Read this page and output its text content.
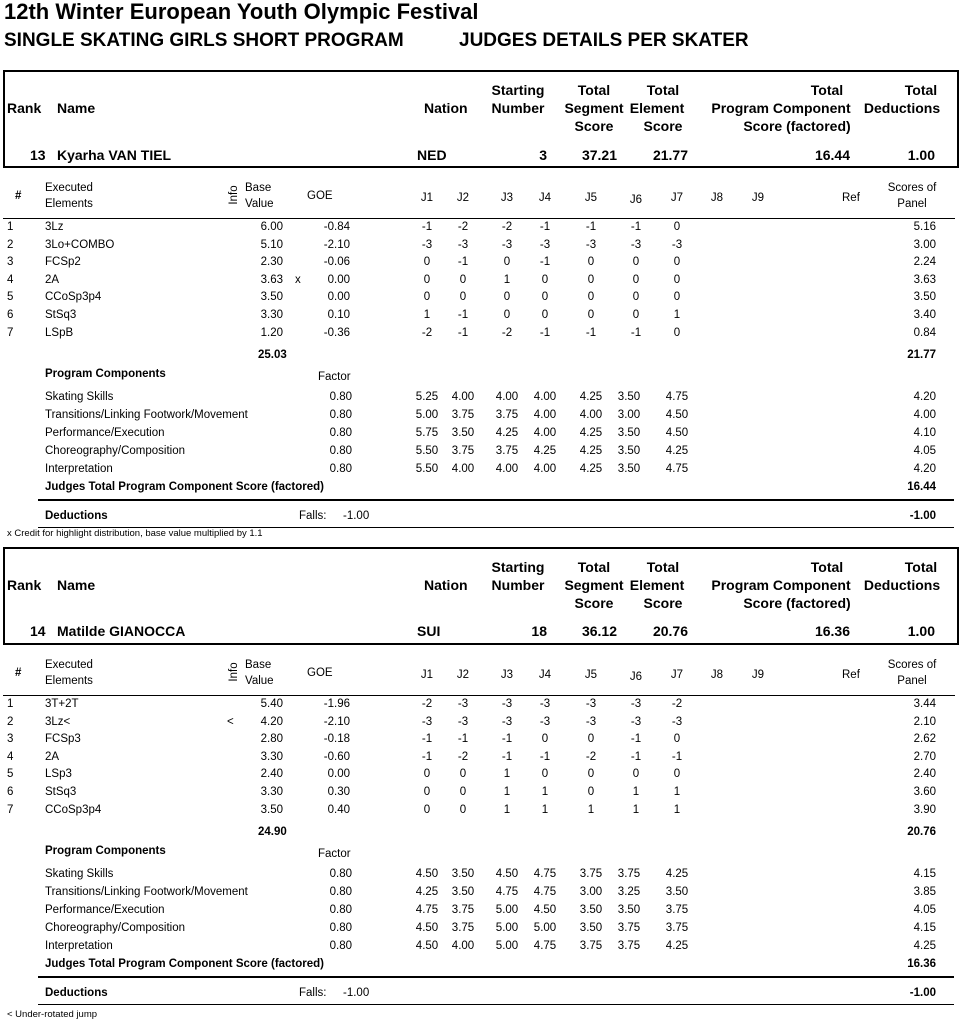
12th Winter European Youth Olympic Festival
SINGLE SKATING GIRLS SHORT PROGRAM	JUDGES DETAILS PER SKATER
Rank Name	Nation
Starting
Number
Total
Segment
Score
Total
Element
Score
Total
Program Component
Score (factored)
Total
Deductions
13 Kyarha VAN TIEL	NED	3	37.21	21.77	16.44	1.00
#
Executed
Elements	Info Base
Value
GOE	J1	J2	J3	J4	J5	J6	J7	J8	J9	Ref
Scores of
Panel
1	3Lz	6.00	-0.84	-1	-2	-2	-1	-1	-1	0	5.16
2	3Lo+COMBO	5.10	-2.10	-3	-3	-3	-3	-3	-3	-3	3.00
3	FCSp2	2.30	-0.06	0	-1	0	-1	0	0	0	2.24
4	2A	3.63 x	0.00	0	0	1	0	0	0	0	3.63
5	CCoSp3p4	3.50	0.00	0	0	0	0	0	0	0	3.50
6	StSq3	3.30	0.10	1	-1	0	0	0	0	1	3.40
7	LSpB	1.20	-0.36	-2	-1	-2	-1	-1	-1	0	0.84
25.03	21.77
Program Components	Factor
Skating Skills	0.80	5.25	4.00	4.00	4.00	4.25	3.50	4.75	4.20
Transitions/Linking Footwork/Movement	0.80	5.00	3.75	3.75	4.00	4.00	3.00	4.50	4.00
Performance/Execution	0.80	5.75	3.50	4.25	4.00	4.25	3.50	4.50	4.10
Choreography/Composition	0.80	5.50	3.75	3.75	4.25	4.25	3.50	4.25	4.05
Interpretation	0.80	5.50	4.00	4.00	4.00	4.25	3.50	4.75	4.20
Judges Total Program Component Score (factored)	16.44
Deductions	Falls: -1.00	-1.00
x Credit for highlight distribution, base value multiplied by 1.1
Rank Name	Nation
Starting
Number
Total
Segment
Score
Total
Element
Score
Total
Program Component
Score (factored)
Total
Deductions
14 Matilde GIANOCCA	SUI	18	36.12	20.76	16.36	1.00
#
Executed
Elements	Info Base
Value
GOE	J1	J2	J3	J4	J5	J6	J7	J8	J9	Ref
Scores of
Panel
1	3T+2T	5.40	-1.96	-2	-3	-3	-3	-3	-3	-2	3.44
2	3Lz<	<	4.20	-2.10	-3	-3	-3	-3	-3	-3	-3	2.10
3	FCSp3	2.80	-0.18	-1	-1	-1	0	0	-1	0	2.62
4	2A	3.30	-0.60	-1	-2	-1	-1	-2	-1	-1	2.70
5	LSp3	2.40	0.00	0	0	1	0	0	0	0	2.40
6	StSq3	3.30	0.30	0	0	1	1	0	1	1	3.60
7	CCoSp3p4	3.50	0.40	0	0	1	1	1	1	1	3.90
24.90	20.76
Program Components	Factor
Skating Skills	0.80	4.50	3.50	4.50	4.75	3.75	3.75	4.25	4.15
Transitions/Linking Footwork/Movement	0.80	4.25	3.50	4.75	4.75	3.00	3.25	3.50	3.85
Performance/Execution	0.80	4.75	3.75	5.00	4.50	3.50	3.50	3.75	4.05
Choreography/Composition	0.80	4.50	3.75	5.00	5.00	3.50	3.75	3.75	4.15
Interpretation	0.80	4.50	4.00	5.00	4.75	3.75	3.75	4.25	4.25
Judges Total Program Component Score (factored)	16.36
Deductions	Falls: -1.00	-1.00
< Under-rotated jump
